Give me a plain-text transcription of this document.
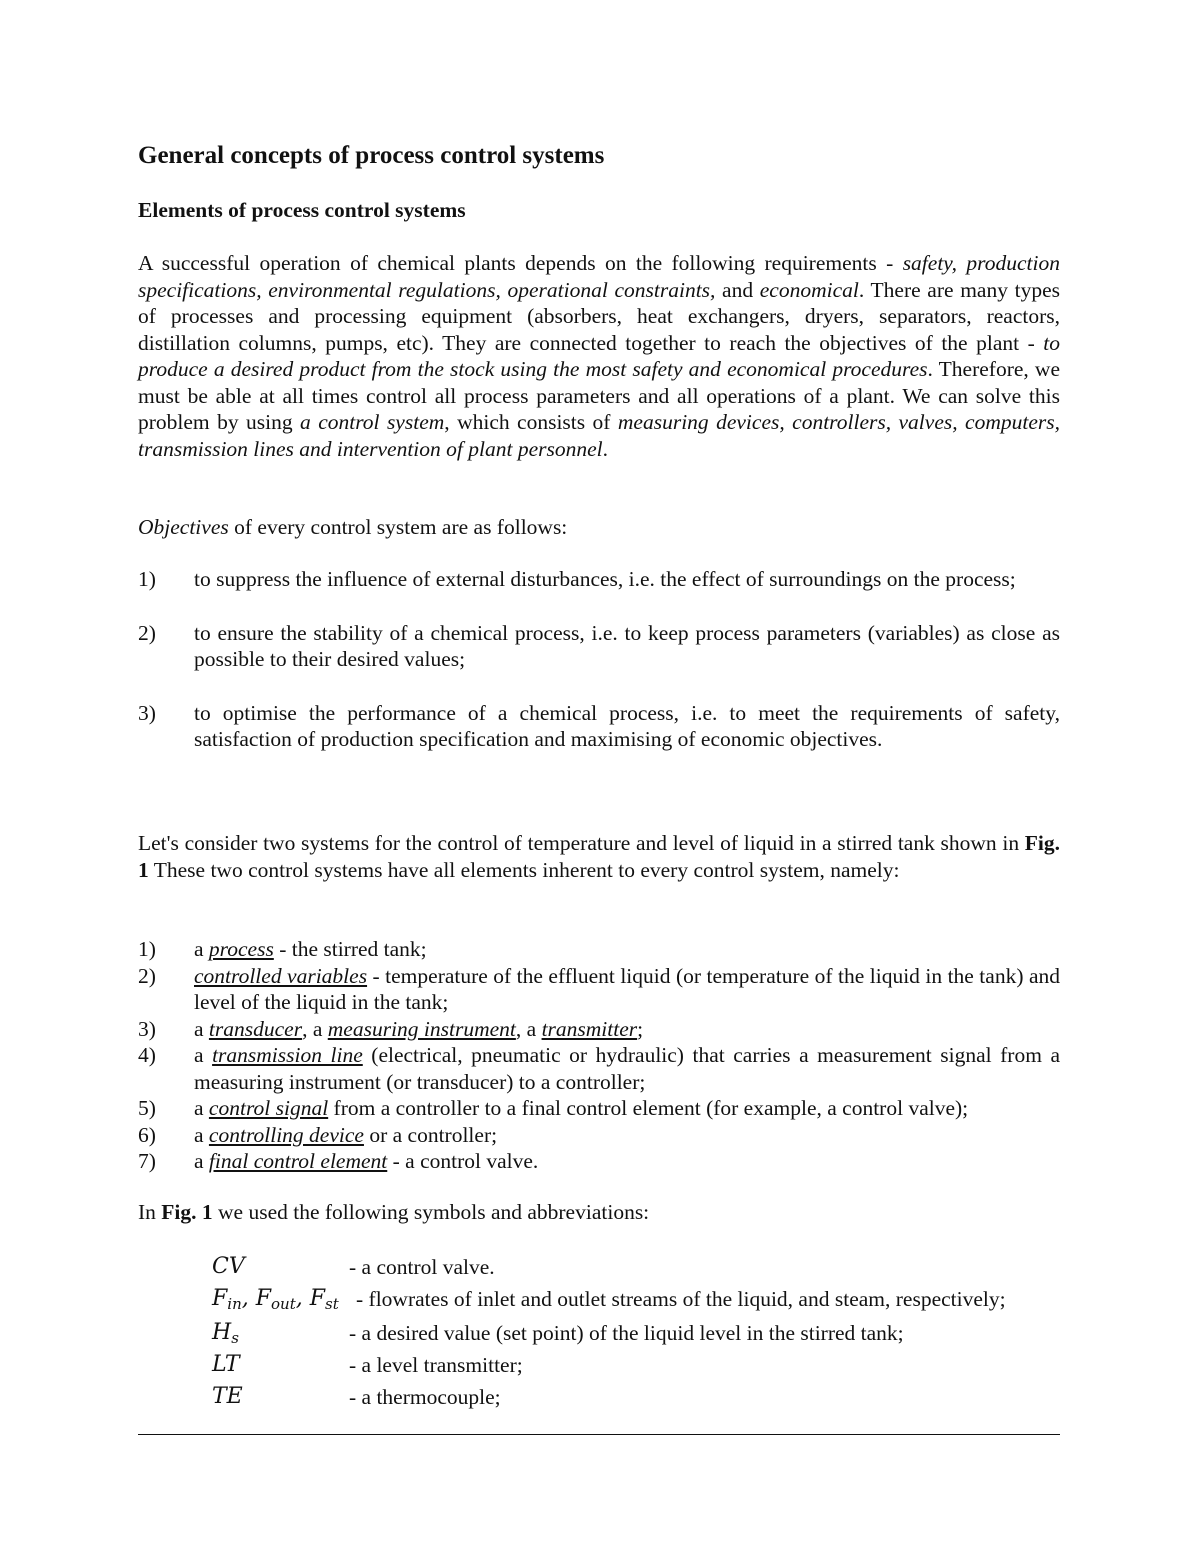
General concepts of process control systems
Elements of process control systems

A successful operation of chemical plants depends on the following requirements - safety, production specifications, environmental regulations, operational constraints, and economical. There are many types of processes and processing equipment (absorbers, heat exchangers, dryers, separators, reactors, distillation columns, pumps, etc). They are connected together to reach the objectives of the plant - to produce a desired product from the stock using the most safety and economical procedures. Therefore, we must be able at all times control all process parameters and all operations of a plant. We can solve this problem by using a control system, which consists of measuring devices, controllers, valves, computers, transmission lines and intervention of plant personnel.

Objectives of every control system are as follows:

1) to suppress the influence of external disturbances, i.e. the effect of surroundings on the process;
2) to ensure the stability of a chemical process, i.e. to keep process parameters (variables) as close as possible to their desired values;
3) to optimise the performance of a chemical process, i.e. to meet the requirements of safety, satisfaction of production specification and maximising of economic objectives.

Let's consider two systems for the control of temperature and level of liquid in a stirred tank shown in Fig. 1 These two control systems have all elements inherent to every control system, namely:

1) a process - the stirred tank;
2) controlled variables - temperature of the effluent liquid (or temperature of the liquid in the tank) and level of the liquid in the tank;
3) a transducer, a measuring instrument, a transmitter;
4) a transmission line (electrical, pneumatic or hydraulic) that carries a measurement signal from a measuring instrument (or transducer) to a controller;
5) a control signal from a controller to a final control element (for example, a control valve);
6) a controlling device or a controller;
7) a final control element - a control valve.

In Fig. 1 we used the following symbols and abbreviations:

CV	- a control valve.
$F_{in}$, $F_{out}$, $F_{st}$ - flowrates of inlet and outlet streams of the liquid, and steam, respectively;
$H_s$	- a desired value (set point) of the liquid level in the stirred tank;
LT	- a level transmitter;
TE	- a thermocouple;
